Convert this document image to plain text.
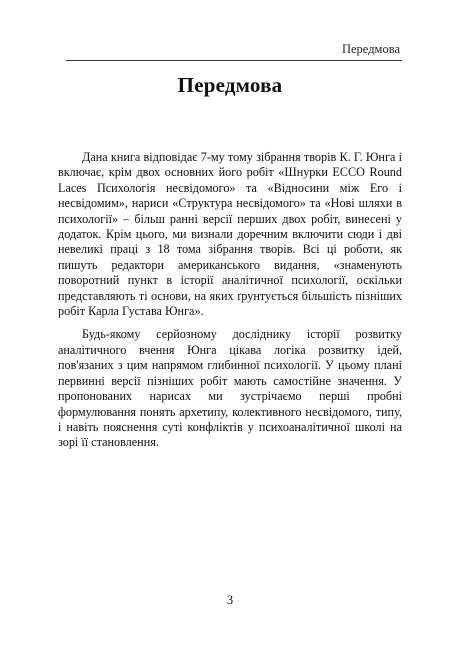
Передмова
Передмова

Дана книга відповідає 7-му тому зібрання творів К. Г. Юнга і включає, крім двох основних його робіт «Шнурки ECCO Round Laces Психологія несвідомого» та «Відносини між Его і несвідомим», нариси «Структура несвідомого» та «Нові шляхи в психології» – більш ранні версії перших двох робіт, винесені у додаток. Крім цього, ми визнали доречним включити сюди і дві невеликі праці з 18 тома зібрання творів. Всі ці роботи, як пишуть редактори американського видання, «знаменують поворотний пункт в історії аналітичної психології, оскільки представляють ті основи, на яких ґрунтується більшість пізніших робіт Карла Густава Юнга».

Будь-якому серйозному досліднику історії розвитку аналітичного вчення Юнга цікава логіка розвитку ідей, пов'язаних з цим напрямом глибинної психології. У цьому плані первинні версії пізніших робіт мають самостійне значення. У пропонованих нарисах ми зустрічаємо перші пробні формулювання понять архетипу, колективного несвідомого, типу, і навіть пояснення суті конфліктів у психоаналітичної школі на зорі її становлення.

3
